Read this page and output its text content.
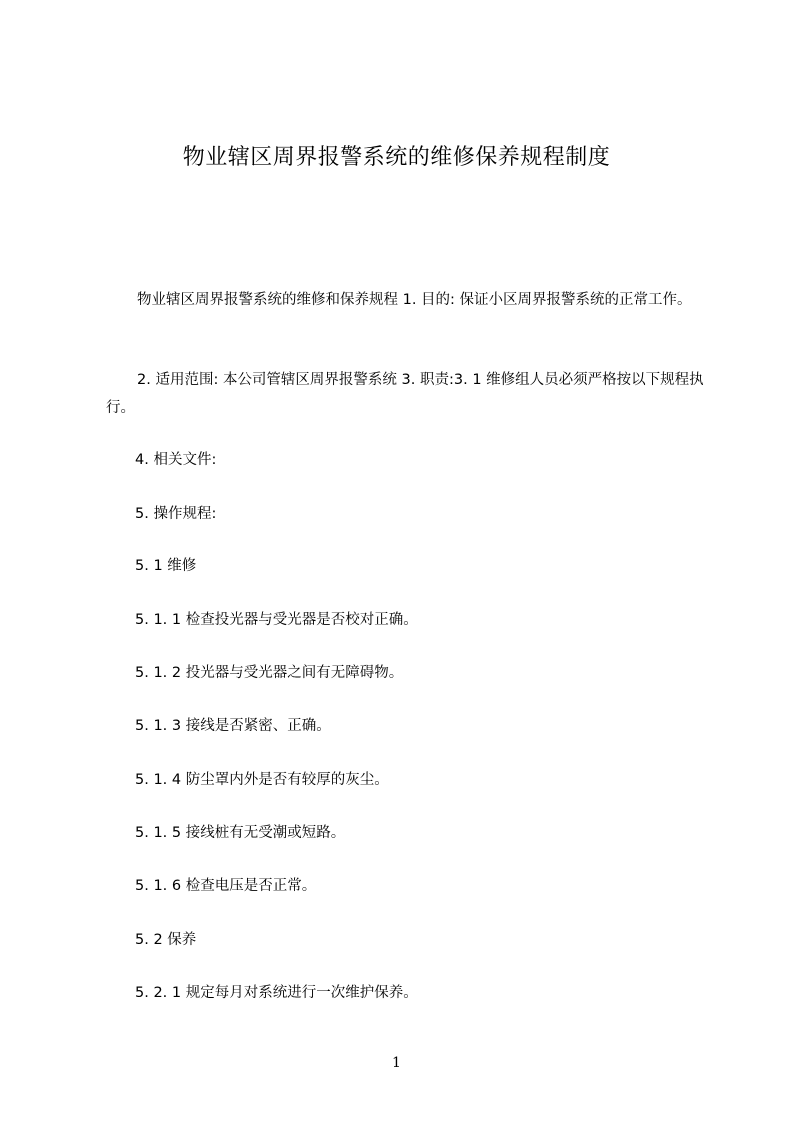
物业辖区周界报警系统的维修保养规程制度
物业辖区周界报警系统的维修和保养规程 1. 目的: 保证小区周界报警系统的正常工作。
2. 适用范围: 本公司管辖区周界报警系统 3. 职责:3. 1 维修组人员必须严格按以下规程执行。
4. 相关文件:
5. 操作规程:
5. 1 维修
5. 1. 1 检查投光器与受光器是否校对正确。
5. 1. 2 投光器与受光器之间有无障碍物。
5. 1. 3 接线是否紧密、正确。
5. 1. 4 防尘罩内外是否有较厚的灰尘。
5. 1. 5 接线桩有无受潮或短路。
5. 1. 6 检查电压是否正常。
5. 2 保养
5. 2. 1 规定每月对系统进行一次维护保养。
1
